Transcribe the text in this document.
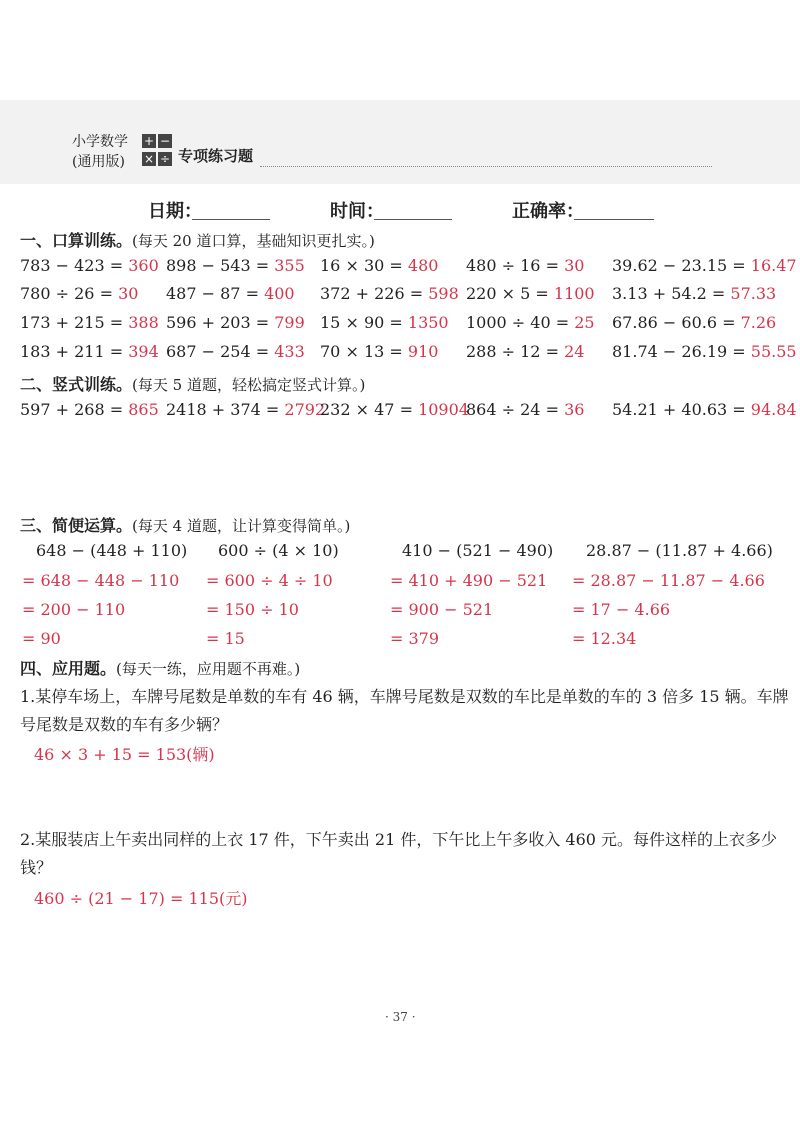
小学数学
(通用版)
+ −
× ÷ 专项练习题
日期：	时间：	正确率：
一、口算训练。(每天 20 道口算，基础知识更扎实。)
783 − 423 = 360 898 − 543 = 355 16 × 30 = 480 480 ÷ 16 = 30 39.62 − 23.15 = 16.47
780 ÷ 26 = 30 487 − 87 = 400 372 + 226 = 598 220 × 5 = 1100 3.13 + 54.2 = 57.33
173 + 215 = 388 596 + 203 = 799 15 × 90 = 1350 1000 ÷ 40 = 25 67.86 − 60.6 = 7.26
183 + 211 = 394 687 − 254 = 433 70 × 13 = 910 288 ÷ 12 = 24 81.74 − 26.19 = 55.55
二、竖式训练。(每天 5 道题，轻松搞定竖式计算。)
597 + 268 = 865 2418 + 374 = 2792
232 × 47 = 10904
864 ÷ 24 = 36 54.21 + 40.63 = 94.84
三、简便运算。(每天 4 道题，让计算变得简单。)
648 − (448 + 110)
= 648 − 448 − 110
= 200 − 110
= 90
600 ÷ (4 × 10)
= 600 ÷ 4 ÷ 10
= 150 ÷ 10
= 15
410 − (521 − 490)
= 410 + 490 − 521
= 900 − 521
= 379
28.87 − (11.87 + 4.66)
= 28.87 − 11.87 − 4.66
= 17 − 4.66
= 12.34
四、应用题。(每天一练，应用题不再难。)
1.某停车场上，车牌号尾数是单数的车有 46 辆，车牌号尾数是双数的车比是单数的车的 3 倍多 15 辆。车牌号尾数是双数的车有多少辆？
46 × 3 + 15 = 153(辆)
2.某服装店上午卖出同样的上衣 17 件，下午卖出 21 件，下午比上午多收入 460 元。每件这样的上衣多少钱？
460 ÷ (21 − 17) = 115(元)
· 37 ·
